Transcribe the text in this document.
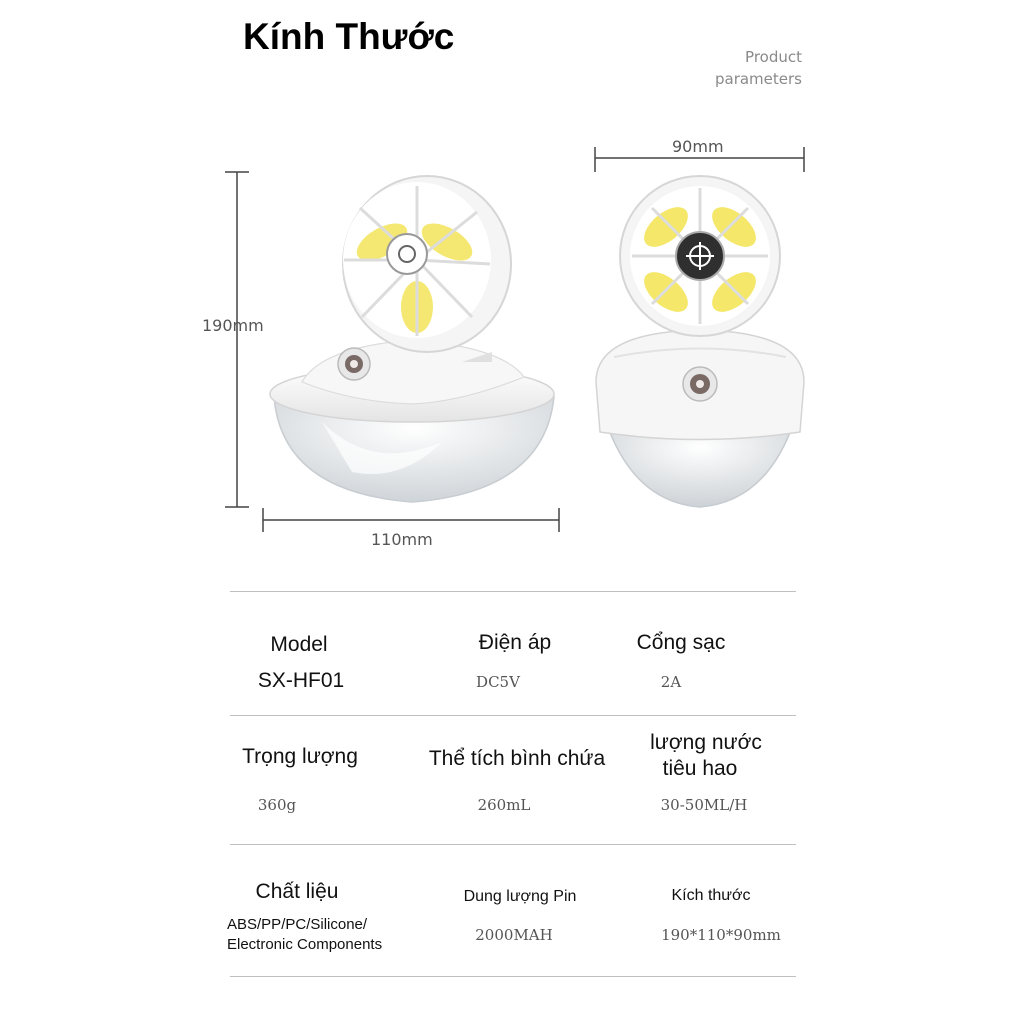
Kính Thước	Product
parameters
190mm
110mm
90mm
Model
SX-HF01
Điện áp
DC5V
Cổng sạc
2A
Trọng lượng
360g
Thể tích bình chứa
260mL
lượng nước
tiêu hao
30-50ML/H
Chất liệu
ABS/PP/PC/Silicone/
Electronic Components
Dung lượng Pin
2000MAH
Kích thước
190*110*90mm
